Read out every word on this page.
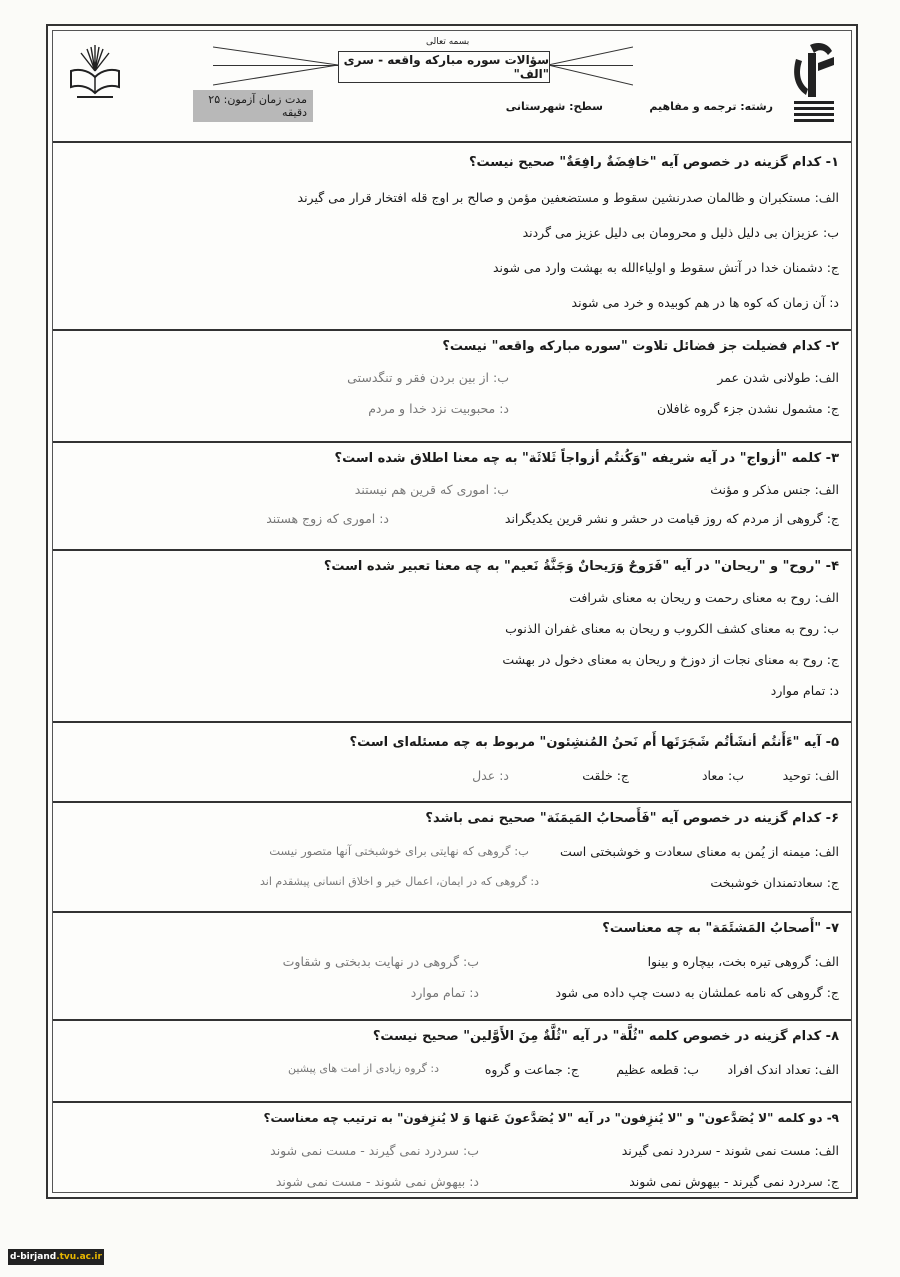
بسمه تعالی
سؤالات سوره مبارکه واقعه - سری "الف"
رشته: ترجمه و مفاهیم
سطح: شهرستانی
مدت زمان آزمون: ۲۵ دقیقه
۱- کدام گزینه در خصوص آیه "خافِضَةٌ رافِعَةٌ" صحیح نیست؟
الف: مستکبران و ظالمان صدرنشین سقوط و مستضعفین مؤمن و صالح بر اوج قله افتخار قرار می گیرند
ب: عزیزان بی دلیل ذلیل و محرومان بی دلیل عزیز می گردند
ج: دشمنان خدا در آتش سقوط و اولیاءالله به بهشت وارد می شوند
د: آن زمان که کوه ها در هم کوبیده و خرد می شوند
۲- کدام فضیلت جز فضائل تلاوت "سوره مبارکه واقعه" نیست؟
الف: طولانی شدن عمر
ب: از بین بردن فقر و تنگدستی
ج: مشمول نشدن جزء گروه غافلان
د: محبوبیت نزد خدا و مردم
۳- کلمه "أزواج" در آیه شریفه "وَكُنتُم أزواجاً ثَلاثَة" به چه معنا اطلاق شده است؟
الف: جنس مذکر و مؤنث
ب: اموری که قرین هم نیستند
ج: گروهی از مردم که روز قیامت در حشر و نشر قرین یکدیگراند
د: اموری که زوج هستند
۴- "روح" و "ریحان" در آیه "فَرَوحٌ وَرَیحانٌ وَجَنَّةُ نَعیم" به چه معنا تعبیر شده است؟
الف: روح به معنای رحمت و ریحان به معنای شرافت
ب: روح به معنای کشف الکروب و ریحان به معنای غفران الذنوب
ج: روح به معنای نجات از دوزخ و ریحان به معنای دخول در بهشت
د: تمام موارد
۵- آیه "ءَأَنتُم أنشَأتُم شَجَرَتَها أَم نَحنُ المُنشِئون" مربوط به چه مسئله‌ای است؟
الف: توحید
ب: معاد
ج: خلقت
د: عدل
۶- کدام گزینه در خصوص آیه "فَأَصحابُ المَیمَنَة" صحیح نمی باشد؟
الف: میمنه از یُمن به معنای سعادت و خوشبختی است
ب: گروهی که نهایتی برای خوشبختی آنها متصور نیست
ج: سعادتمندان خوشبخت
د: گروهی که در ایمان، اعمال خیر و اخلاق انسانی پیشقدم اند
۷- "أَصحابُ المَشئَمَة" به چه معناست؟
الف: گروهی تیره بخت، بیچاره و بینوا
ب: گروهی در نهایت بدبختی و شقاوت
ج: گروهی که نامه عملشان به دست چپ داده می شود
د: تمام موارد
۸- کدام گزینه در خصوص کلمه "ثُلَّة" در آیه "ثُلَّةٌ مِنَ الأَوَّلین" صحیح نیست؟
الف: تعداد اندک افراد
ب: قطعه عظیم
ج: جماعت و گروه
د: گروه زیادی از امت های پیشین
۹- دو کلمه "لا یُصَدَّعون" و "لا یُنزِفون" در آیه "لا یُصَدَّعونَ عَنها وَ لا یُنزِفون" به ترتیب چه معناست؟
الف: مست نمی شوند - سردرد نمی گیرند
ب: سردرد نمی گیرند - مست نمی شوند
ج: سردرد نمی گیرند - بیهوش نمی شوند
د: بیهوش نمی شوند - مست نمی شوند
d-birjand .tvu.ac.ir
